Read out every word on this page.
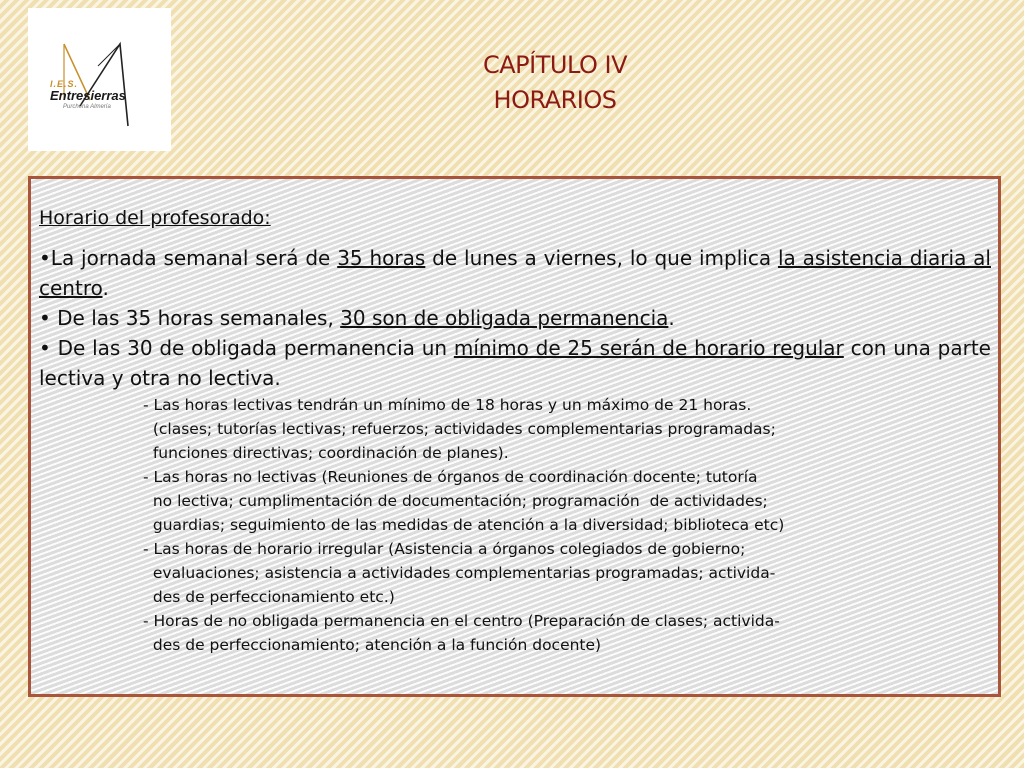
I.E.S.
Entresierras
Purchena Almería
CAPÍTULO IV
HORARIOS

Horario del profesorado:

•La jornada semanal será de 35 horas de lunes a viernes, lo que implica la asistencia diaria al centro.

• De las 35 horas semanales, 30 son de obligada permanencia.

• De las 30 de obligada permanencia un mínimo de 25 serán de horario regular con una parte lectiva y otra no lectiva.

- Las horas lectivas tendrán un mínimo de 18 horas y un máximo de 21 horas.

(clases; tutorías lectivas; refuerzos; actividades complementarias programadas;

funciones directivas; coordinación de planes).

- Las horas no lectivas (Reuniones de órganos de coordinación docente; tutoría

no lectiva; cumplimentación de documentación; programación  de actividades;

guardias; seguimiento de las medidas de atención a la diversidad; biblioteca etc)

- Las horas de horario irregular (Asistencia a órganos colegiados de gobierno;

evaluaciones; asistencia a actividades complementarias programadas; activida-

des de perfeccionamiento etc.)

- Horas de no obligada permanencia en el centro (Preparación de clases; activida-

des de perfeccionamiento; atención a la función docente)
